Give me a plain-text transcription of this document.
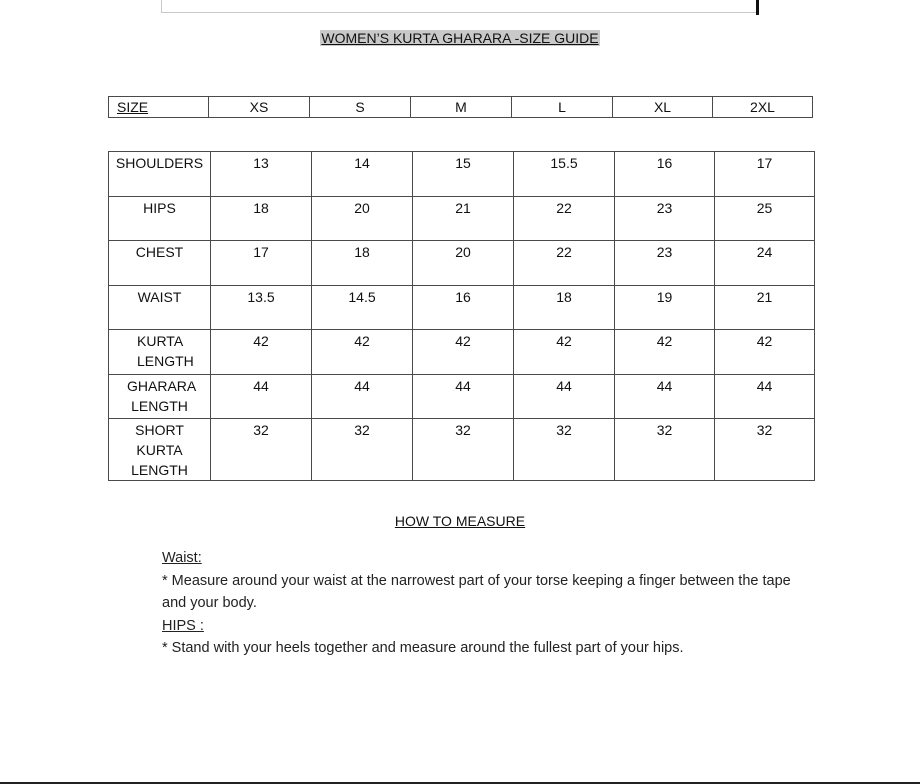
WOMEN’S KURTA GHARARA -SIZE GUIDE
SIZE	XS	S	M	L	XL	2XL
SHOULDERS	13	14	15	15.5	16	17
HIPS	18	20	21	22	23	25
CHEST	17	18	20	22	23	24
WAIST	13.5	14.5	16	18	19	21
KURTA LENGTH	42	42	42	42	42	42
GHARARA LENGTH	44	44	44	44	44	44
SHORT KURTA LENGTH	32	32	32	32	32	32
HOW TO MEASURE
Waist:
* Measure around your waist at the narrowest part of your torse keeping a finger between the tape and your body.
HIPS :
* Stand with your heels together and measure around the fullest part of your hips.
